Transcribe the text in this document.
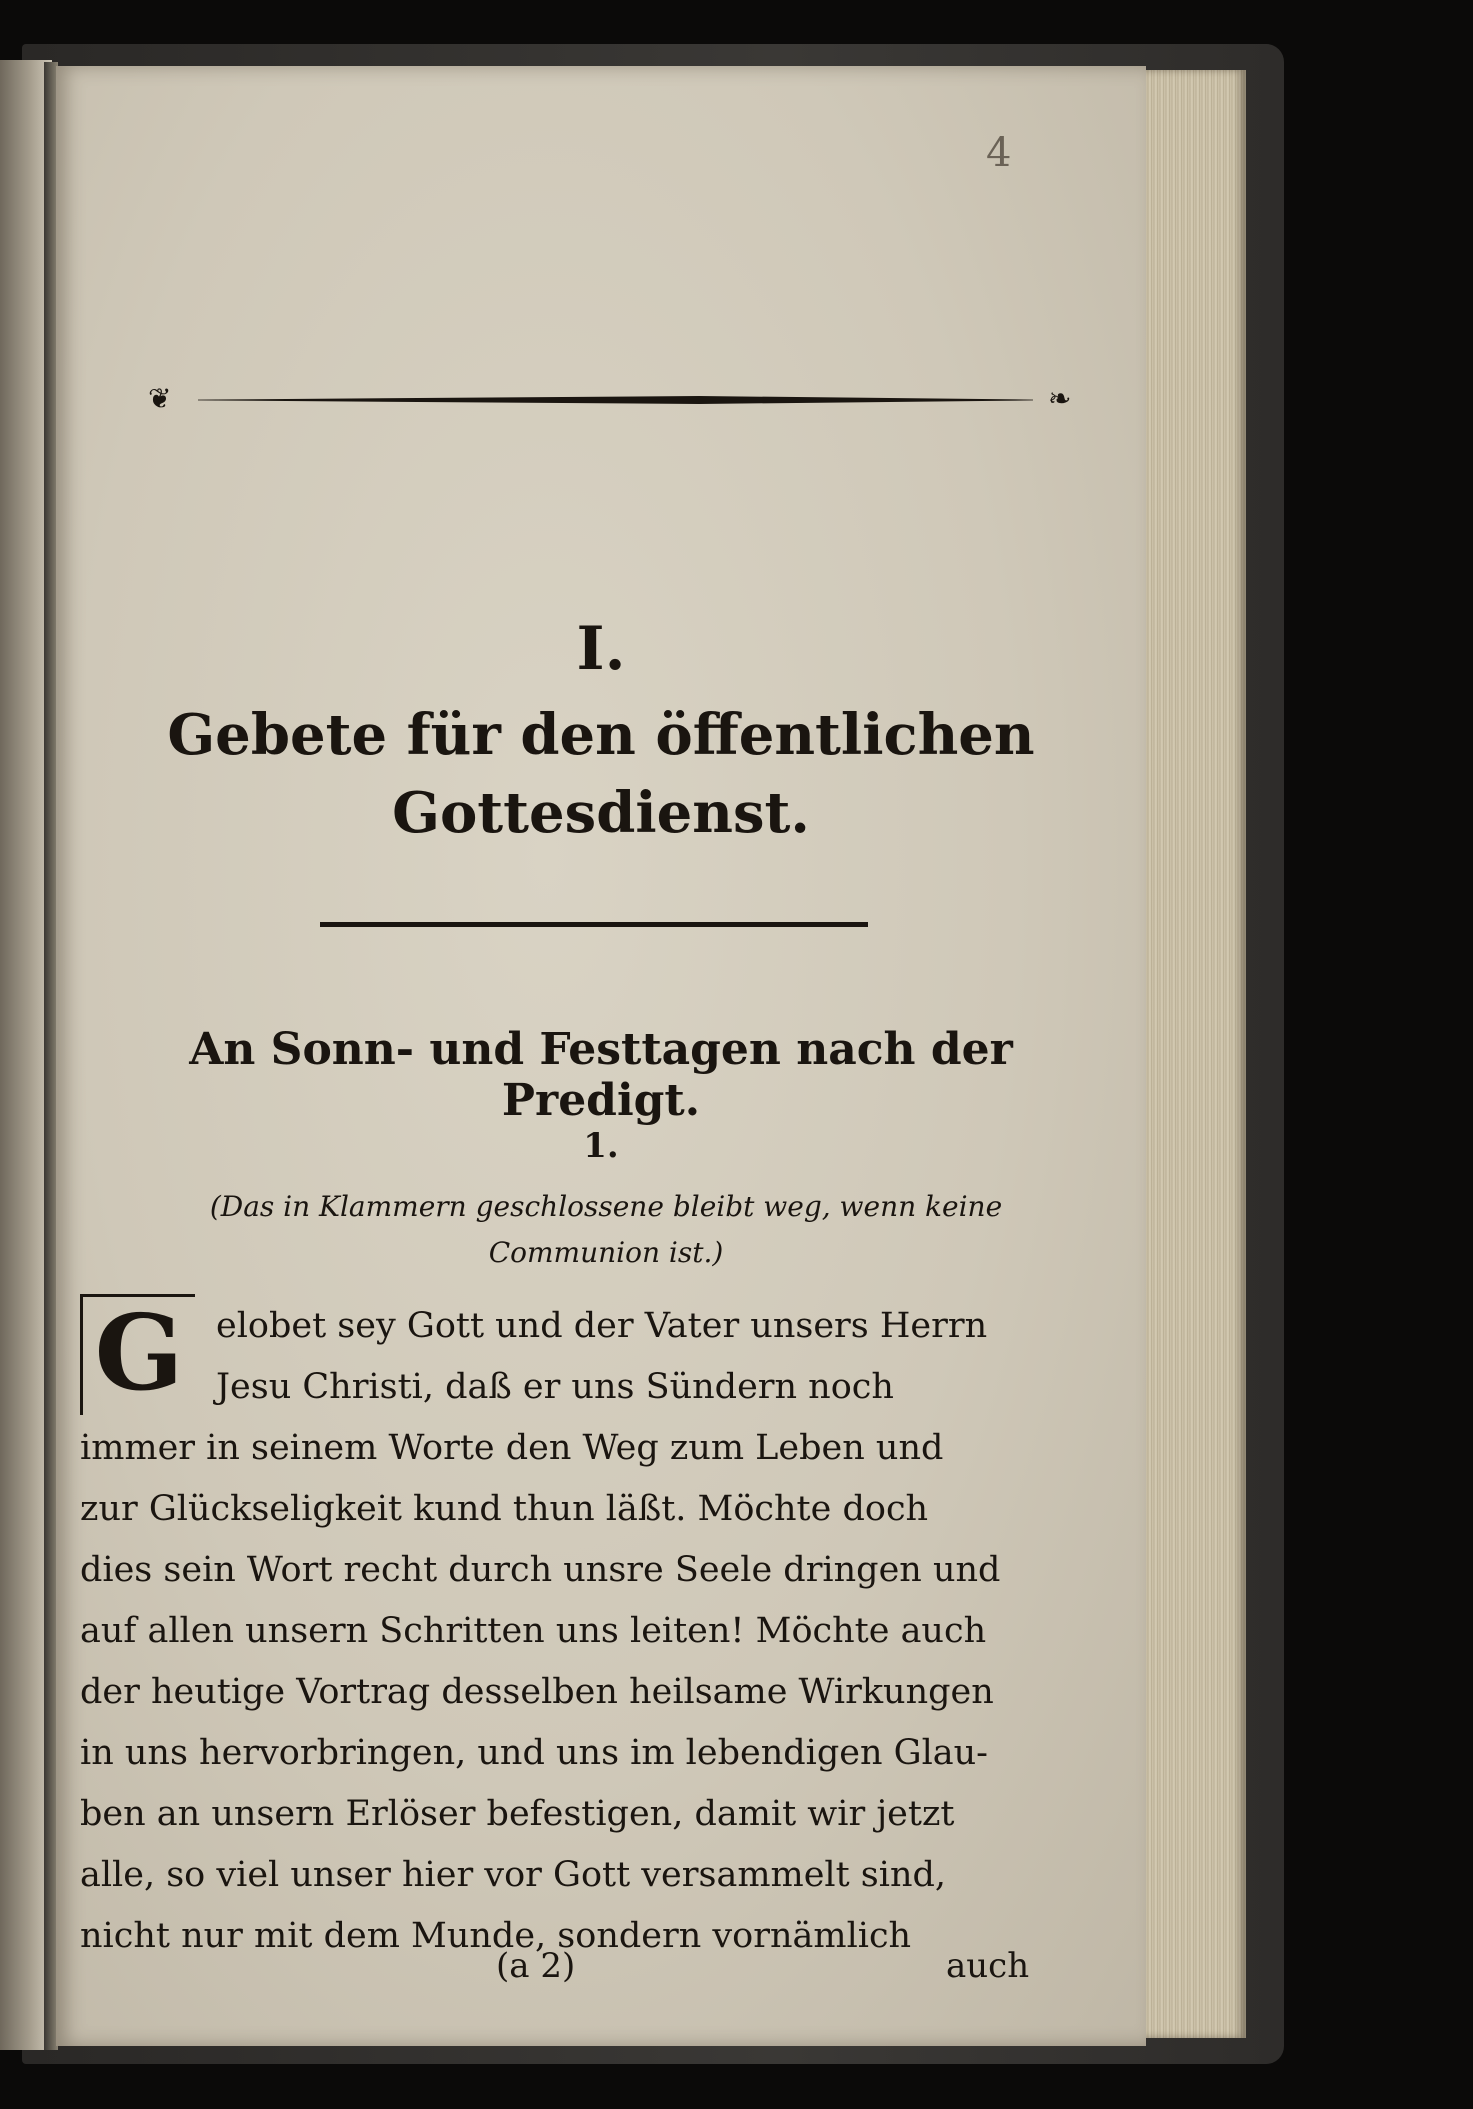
4
❦	❧
I.
Gebete für den öffentlichen
Gottesdienst.
An Sonn- und Festtagen nach der Predigt.
1.
(Das in Klammern geschlossene bleibt weg, wenn keine
Communion ist.)
G elobet sey Gott und der Vater unsers Herrn
Jesu Christi, daß er uns Sündern noch
immer in seinem Worte den Weg zum Leben und
zur Glückseligkeit kund thun läßt. Möchte doch
dies sein Wort recht durch unsre Seele dringen und
auf allen unsern Schritten uns leiten! Möchte auch
der heutige Vortrag desselben heilsame Wirkungen
in uns hervorbringen, und uns im lebendigen Glau-
ben an unsern Erlöser befestigen, damit wir jetzt
alle, so viel unser hier vor Gott versammelt sind,
nicht nur mit dem Munde, sondern vornämlich
(a 2)	auch
